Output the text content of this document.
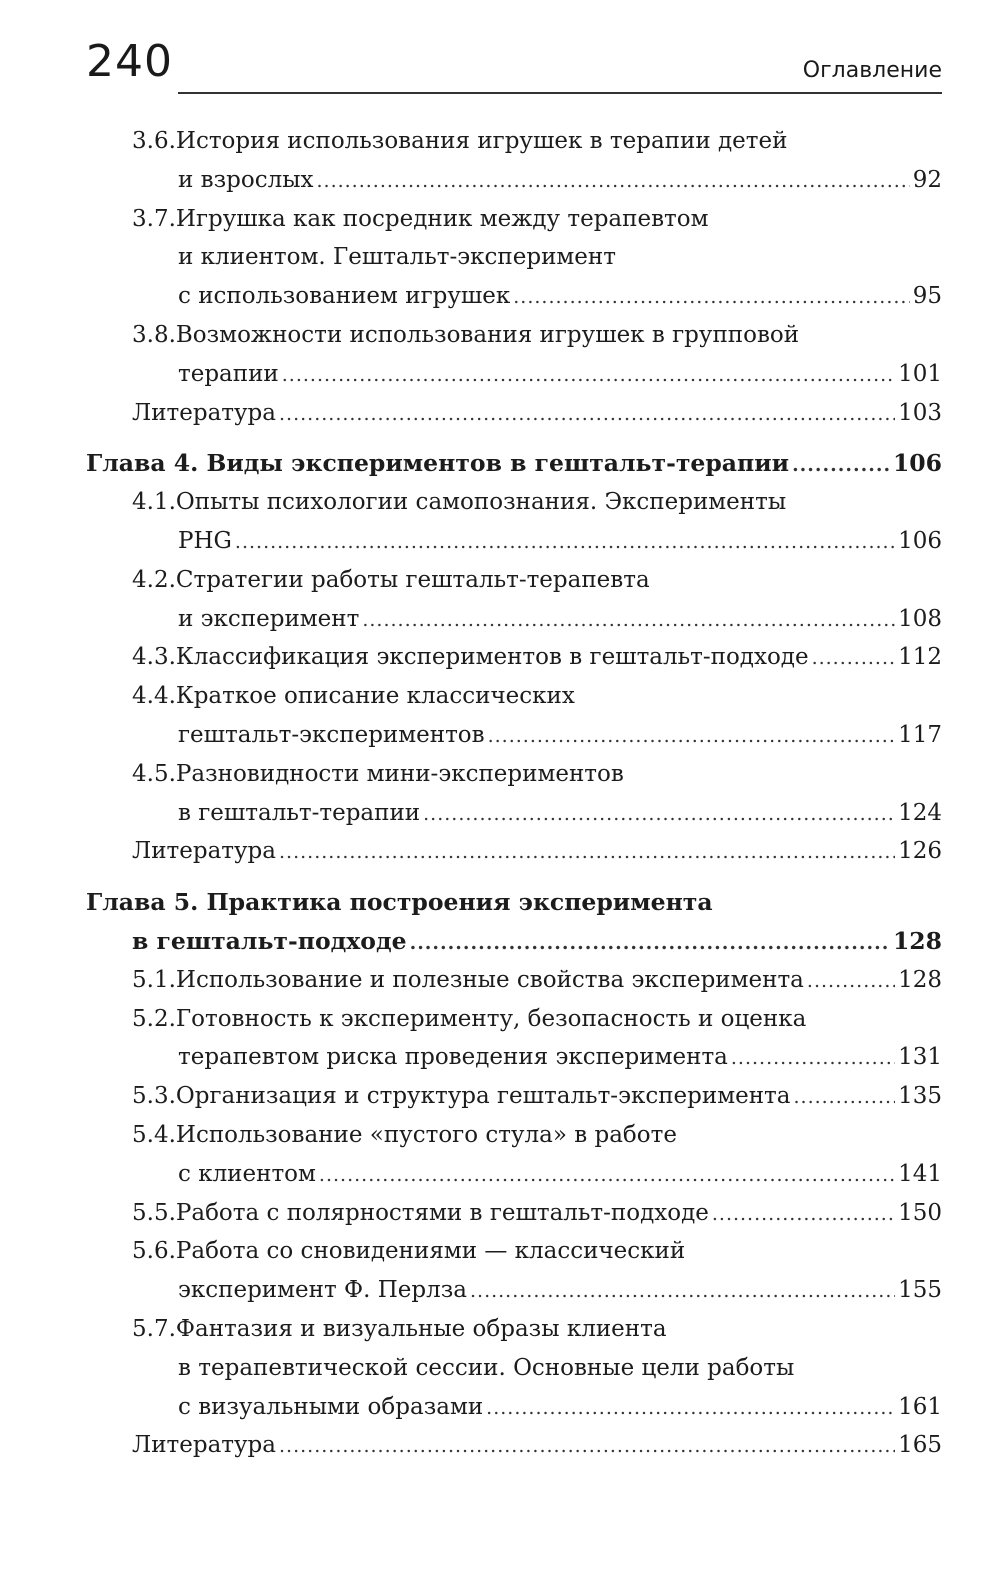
240	Оглавление
3.6. История использования игрушек в терапии детей
и взрослых .....	92
3.7. Игрушка как посредник между терапевтом
и клиентом. Гештальт-эксперимент
с использованием игрушек .....	95
3.8. Возможности использования игрушек в групповой
терапии .....	101
Литература .....	103
Глава 4. Виды экспериментов в гештальт-терапии .....	106
4.1. Опыты психологии самопознания. Эксперименты
PHG .....	106
4.2. Стратегии работы гештальт-терапевта
и эксперимент .....	108
4.3. Классификация экспериментов в гештальт-подходе .....	112
4.4. Краткое описание классических
гештальт-экспериментов .....	117
4.5. Разновидности мини-экспериментов
в гештальт-терапии .....	124
Литература .....	126
Глава 5. Практика построения эксперимента
в гештальт-подходе .....	128
5.1. Использование и полезные свойства эксперимента .....	128
5.2. Готовность к эксперименту, безопасность и оценка
терапевтом риска проведения эксперимента .....	131
5.3. Организация и структура гештальт-эксперимента .....	135
5.4. Использование «пустого стула» в работе
с клиентом .....	141
5.5. Работа с полярностями в гештальт-подходе .....	150
5.6. Работа со сновидениями — классический
эксперимент Ф. Перлза .....	155
5.7. Фантазия и визуальные образы клиента
в терапевтической сессии. Основные цели работы
с визуальными образами .....	161
Литература .....	165
